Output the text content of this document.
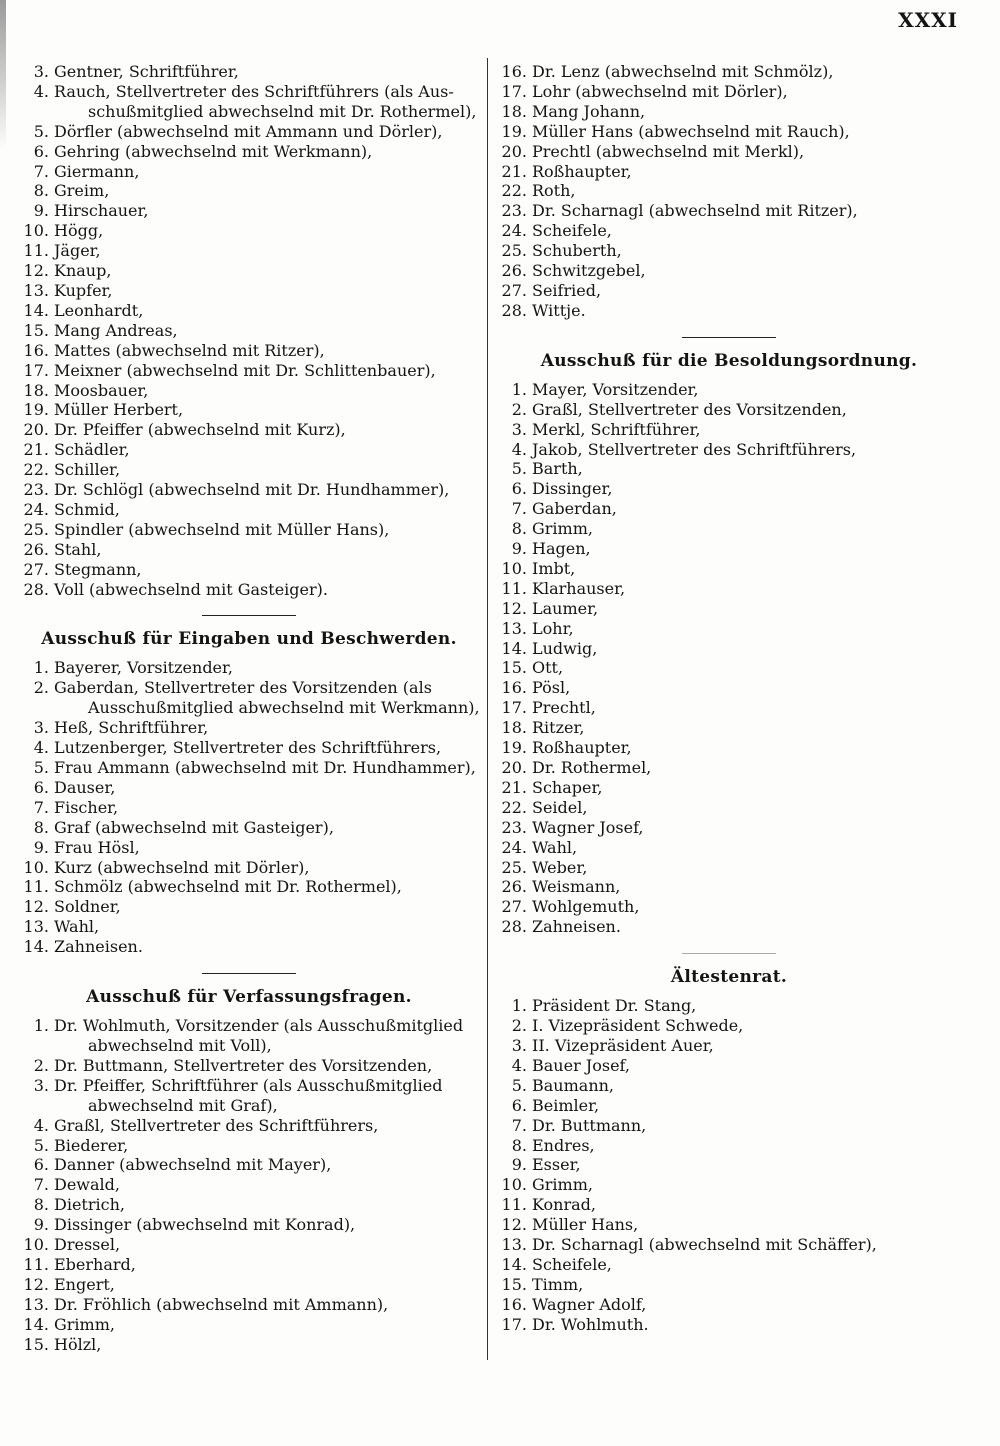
XXXI
3. Gentner, Schriftführer,
4. Rauch, Stellvertreter des Schriftführers (als Aus-
schußmitglied abwechselnd mit Dr. Rothermel),
5. Dörfler (abwechselnd mit Ammann und Dörler),
6. Gehring (abwechselnd mit Werkmann),
7. Giermann,
8. Greim,
9. Hirschauer,
10. Högg,
11. Jäger,
12. Knaup,
13. Kupfer,
14. Leonhardt,
15. Mang Andreas,
16. Mattes (abwechselnd mit Ritzer),
17. Meixner (abwechselnd mit Dr. Schlittenbauer),
18. Moosbauer,
19. Müller Herbert,
20. Dr. Pfeiffer (abwechselnd mit Kurz),
21. Schädler,
22. Schiller,
23. Dr. Schlögl (abwechselnd mit Dr. Hundhammer),
24. Schmid,
25. Spindler (abwechselnd mit Müller Hans),
26. Stahl,
27. Stegmann,
28. Voll (abwechselnd mit Gasteiger).
Ausschuß für Eingaben und Beschwerden.
1. Bayerer, Vorsitzender,
2. Gaberdan, Stellvertreter des Vorsitzenden (als
Ausschußmitglied abwechselnd mit Werkmann),
3. Heß, Schriftführer,
4. Lutzenberger, Stellvertreter des Schriftführers,
5. Frau Ammann (abwechselnd mit Dr. Hundhammer),
6. Dauser,
7. Fischer,
8. Graf (abwechselnd mit Gasteiger),
9. Frau Hösl,
10. Kurz (abwechselnd mit Dörler),
11. Schmölz (abwechselnd mit Dr. Rothermel),
12. Soldner,
13. Wahl,
14. Zahneisen.
Ausschuß für Verfassungsfragen.
1. Dr. Wohlmuth, Vorsitzender (als Ausschußmitglied
abwechselnd mit Voll),
2. Dr. Buttmann, Stellvertreter des Vorsitzenden,
3. Dr. Pfeiffer, Schriftführer (als Ausschußmitglied
abwechselnd mit Graf),
4. Graßl, Stellvertreter des Schriftführers,
5. Biederer,
6. Danner (abwechselnd mit Mayer),
7. Dewald,
8. Dietrich,
9. Dissinger (abwechselnd mit Konrad),
10. Dressel,
11. Eberhard,
12. Engert,
13. Dr. Fröhlich (abwechselnd mit Ammann),
14. Grimm,
15. Hölzl,
16. Dr. Lenz (abwechselnd mit Schmölz),
17. Lohr (abwechselnd mit Dörler),
18. Mang Johann,
19. Müller Hans (abwechselnd mit Rauch),
20. Prechtl (abwechselnd mit Merkl),
21. Roßhaupter,
22. Roth,
23. Dr. Scharnagl (abwechselnd mit Ritzer),
24. Scheifele,
25. Schuberth,
26. Schwitzgebel,
27. Seifried,
28. Wittje.
Ausschuß für die Besoldungsordnung.
1. Mayer, Vorsitzender,
2. Graßl, Stellvertreter des Vorsitzenden,
3. Merkl, Schriftführer,
4. Jakob, Stellvertreter des Schriftführers,
5. Barth,
6. Dissinger,
7. Gaberdan,
8. Grimm,
9. Hagen,
10. Imbt,
11. Klarhauser,
12. Laumer,
13. Lohr,
14. Ludwig,
15. Ott,
16. Pösl,
17. Prechtl,
18. Ritzer,
19. Roßhaupter,
20. Dr. Rothermel,
21. Schaper,
22. Seidel,
23. Wagner Josef,
24. Wahl,
25. Weber,
26. Weismann,
27. Wohlgemuth,
28. Zahneisen.
Ältestenrat.
1. Präsident Dr. Stang,
2. I. Vizepräsident Schwede,
3. II. Vizepräsident Auer,
4. Bauer Josef,
5. Baumann,
6. Beimler,
7. Dr. Buttmann,
8. Endres,
9. Esser,
10. Grimm,
11. Konrad,
12. Müller Hans,
13. Dr. Scharnagl (abwechselnd mit Schäffer),
14. Scheifele,
15. Timm,
16. Wagner Adolf,
17. Dr. Wohlmuth.
